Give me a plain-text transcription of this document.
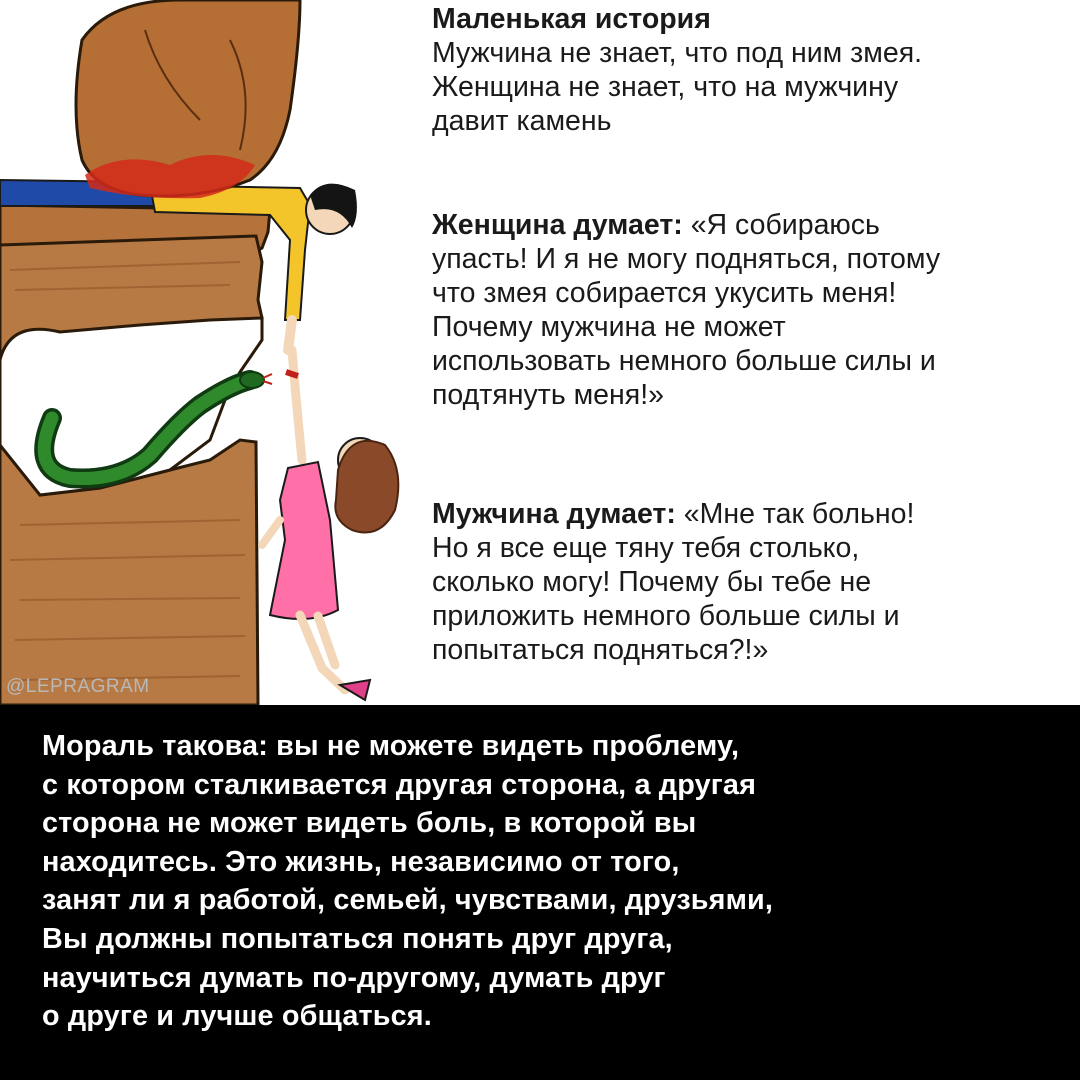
@LEPRAGRAM
Маленькая история
Мужчина не знает, что под ним змея.
Женщина не знает, что на мужчину
давит камень
Женщина думает: «Я собираюсь
упасть! И я не могу подняться, потому
что змея собирается укусить меня!
Почему мужчина не может
использовать немного больше силы и
подтянуть меня!»
Мужчина думает: «Мне так больно!
Но я все еще тяну тебя столько,
сколько могу! Почему бы тебе не
приложить немного больше силы и
попытаться подняться?!»
Мораль такова: вы не можете видеть проблему,
с котором сталкивается другая сторона, а другая
сторона не может видеть боль, в которой вы
находитесь. Это жизнь, независимо от того,
занят ли я работой, семьей, чувствами, друзьями,
Вы должны попытаться понять друг друга,
научиться думать по-другому, думать друг
о друге и лучше общаться.
